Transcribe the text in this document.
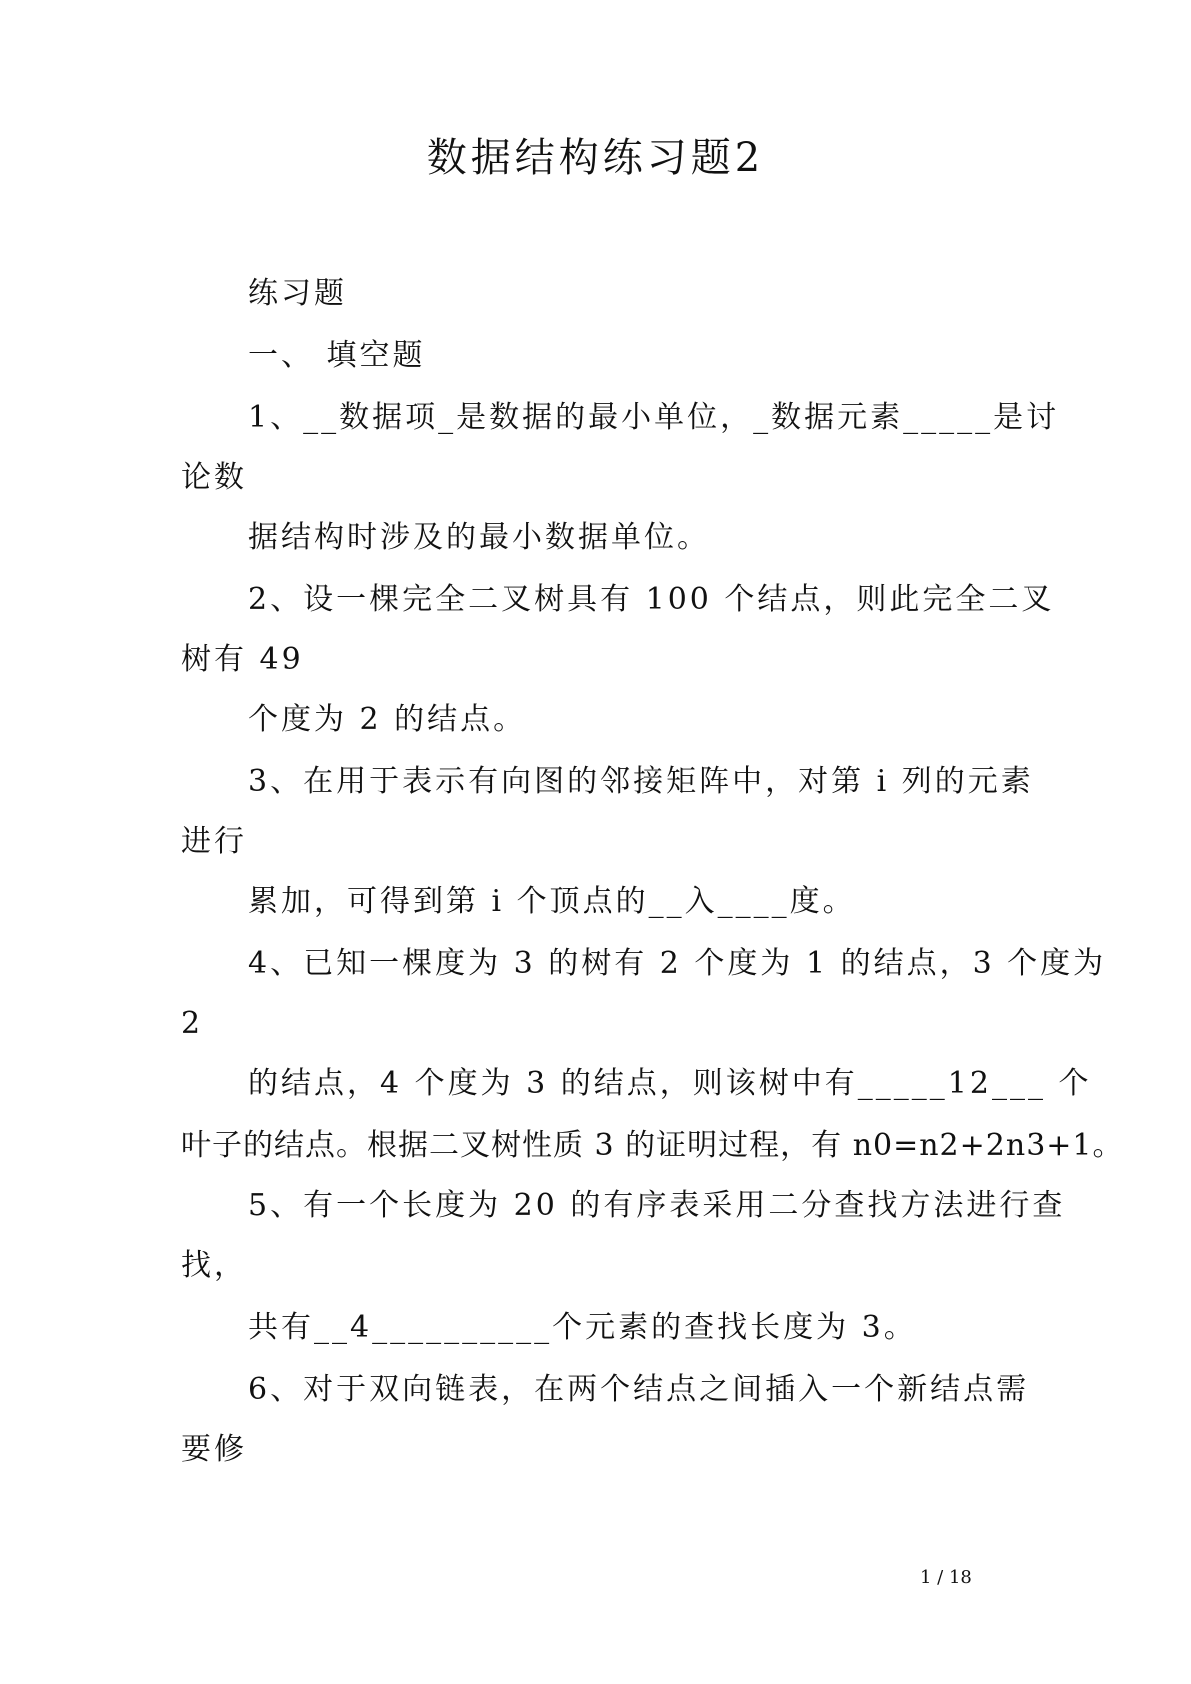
数据结构练习题2
练习题
一、 填空题
1、__数据项_是数据的最小单位，_数据元素_____是讨
论数
据结构时涉及的最小数据单位。
2、设一棵完全二叉树具有 100 个结点，则此完全二叉
树有 49
个度为 2 的结点。
3、在用于表示有向图的邻接矩阵中，对第 i 列的元素
进行
累加，可得到第 i 个顶点的__入____度。
4、已知一棵度为 3 的树有 2 个度为 1 的结点，3 个度为
2
的结点，4 个度为 3 的结点，则该树中有_____12___ 个
叶子的结点。根据二叉树性质 3 的证明过程，有 n0=n2+2n3+1。
5、有一个长度为 20 的有序表采用二分查找方法进行查
找，
共有__4__________个元素的查找长度为 3。
6、对于双向链表，在两个结点之间插入一个新结点需
要修
1 / 18
